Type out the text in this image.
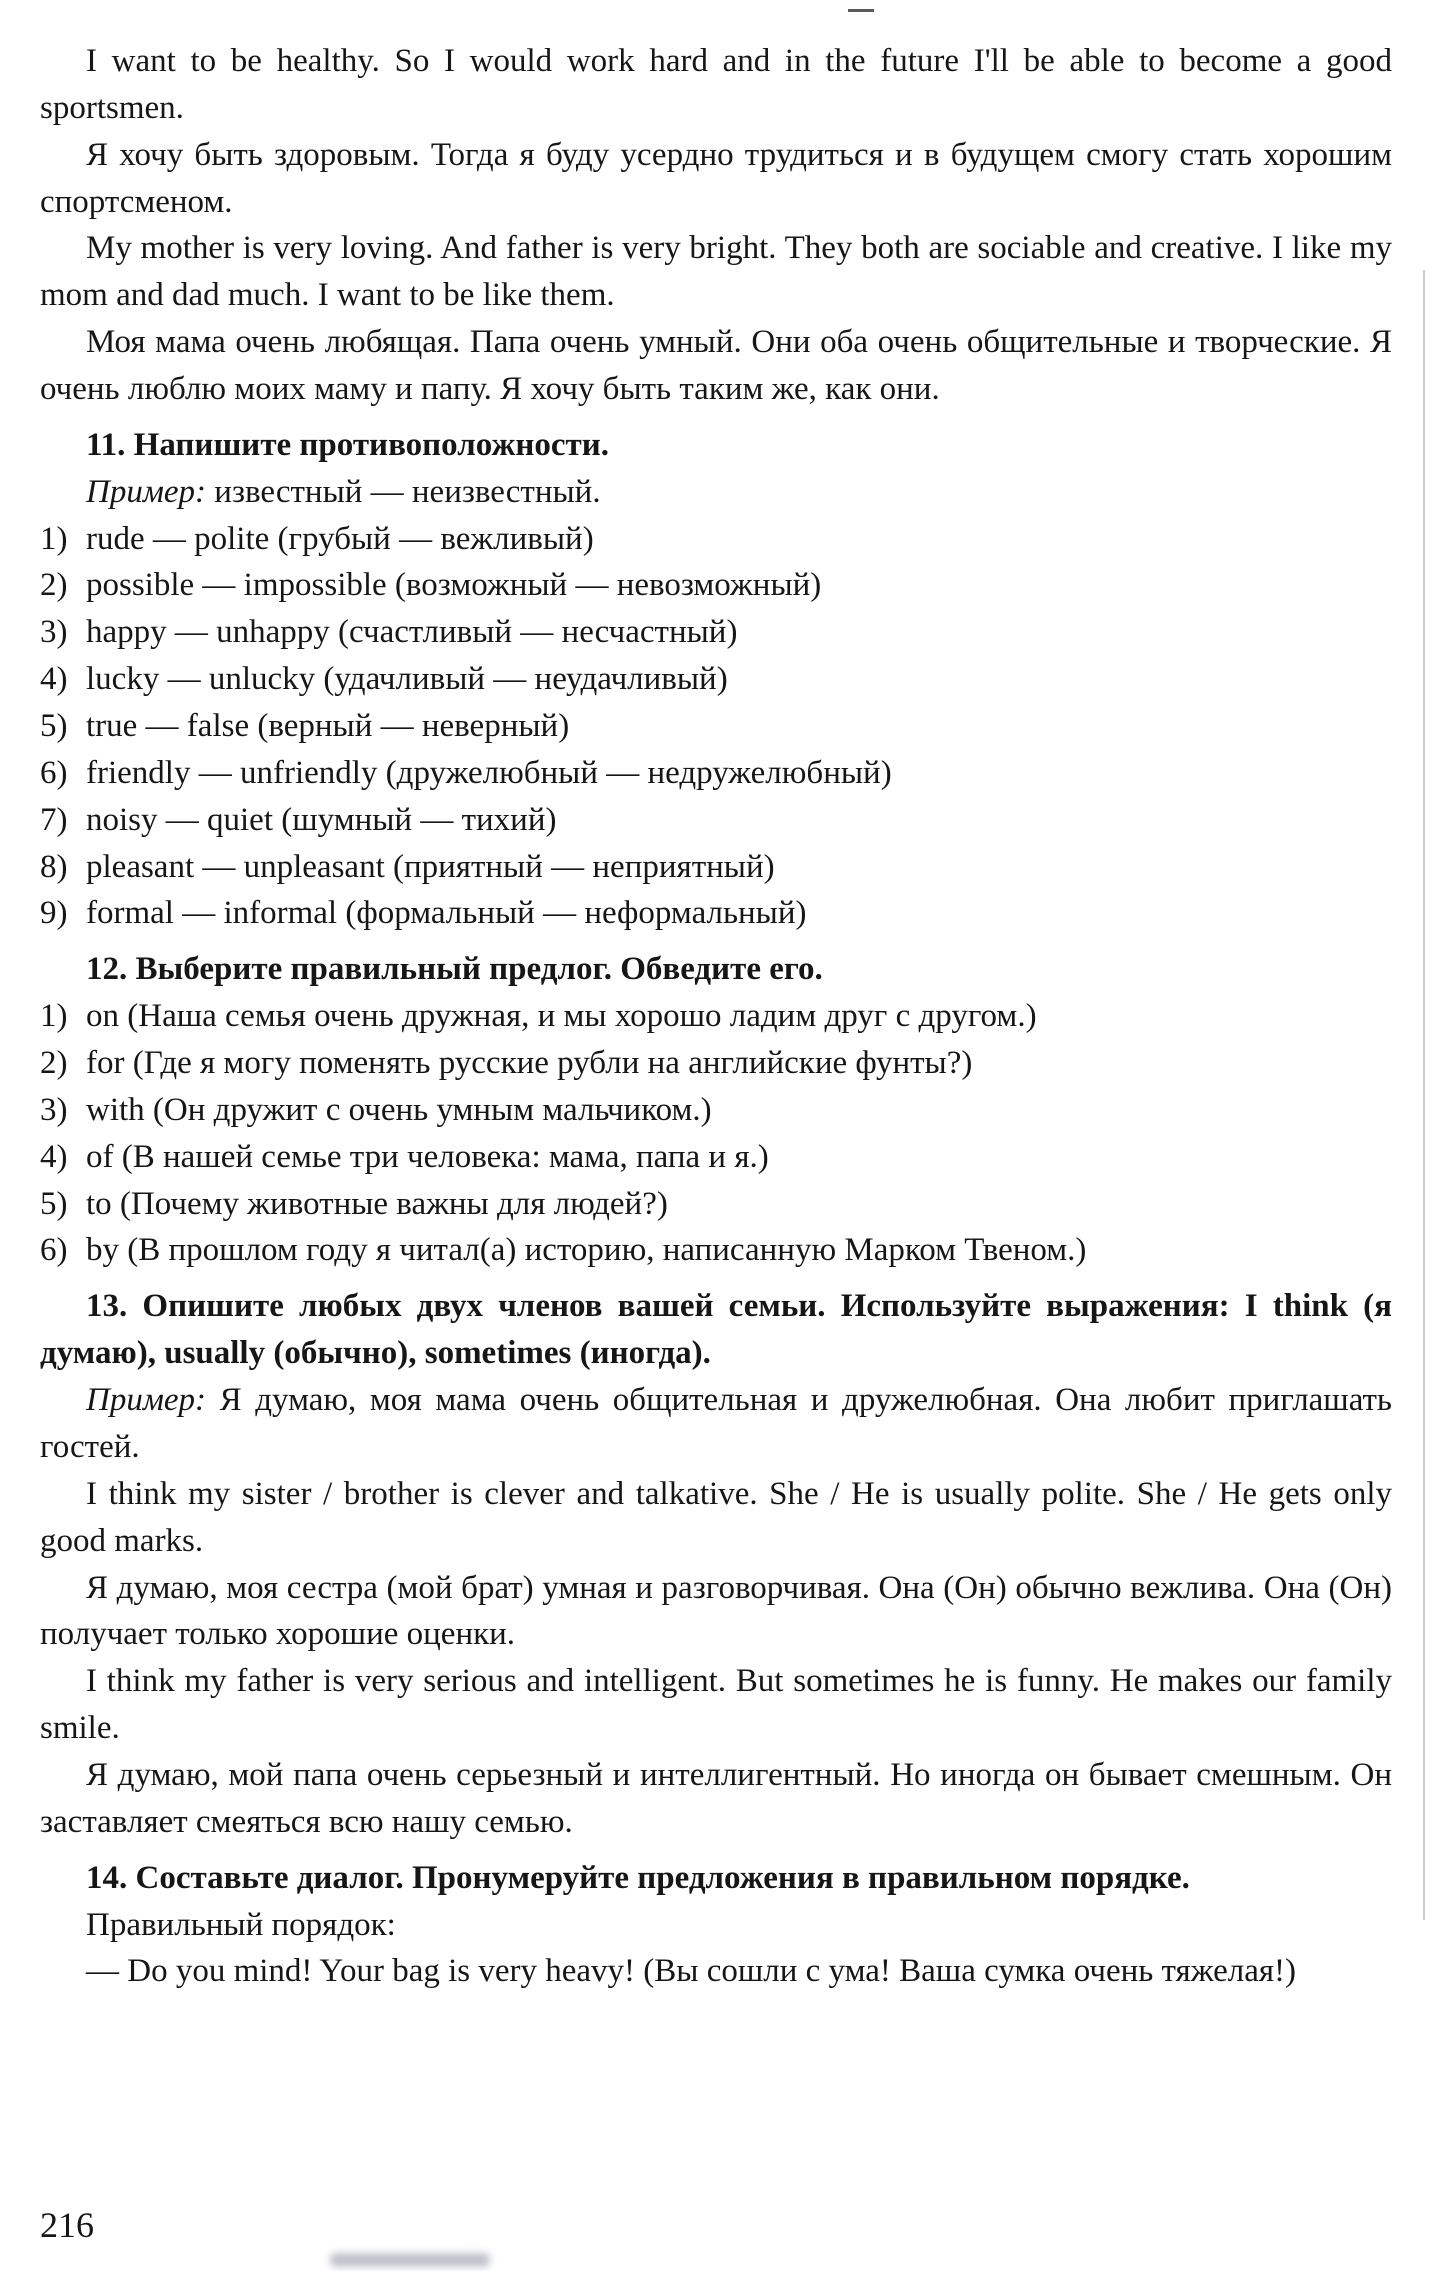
I want to be healthy. So I would work hard and in the future I'll be able to become a good sportsmen.

Я хочу быть здоровым. Тогда я буду усердно трудиться и в будущем смогу стать хорошим спортсменом.

My mother is very loving. And father is very bright. They both are sociable and creative. I like my mom and dad much. I want to be like them.

Моя мама очень любящая. Папа очень умный. Они оба очень общительные и творческие. Я очень люблю моих маму и папу. Я хочу быть таким же, как они.

11. Напишите противоположности.

Пример: известный — неизвестный.

1) rude — polite (грубый — вежливый)
2) possible — impossible (возможный — невозможный)
3) happy — unhappy (счастливый — несчастный)
4) lucky — unlucky (удачливый — неудачливый)
5) true — false (верный — неверный)
6) friendly — unfriendly (дружелюбный — недружелюбный)
7) noisy — quiet (шумный — тихий)
8) pleasant — unpleasant (приятный — неприятный)
9) formal — informal (формальный — неформальный)

12. Выберите правильный предлог. Обведите его.

1) on (Наша семья очень дружная, и мы хорошо ладим друг с другом.)
2) for (Где я могу поменять русские рубли на английские фунты?)
3) with (Он дружит с очень умным мальчиком.)
4) of (В нашей семье три человека: мама, папа и я.)
5) to (Почему животные важны для людей?)
6) by (В прошлом году я читал(а) историю, написанную Марком Твеном.)

13. Опишите любых двух членов вашей семьи. Используйте выражения: I think (я думаю), usually (обычно), sometimes (иногда).

Пример: Я думаю, моя мама очень общительная и дружелюбная. Она любит приглашать гостей.

I think my sister / brother is clever and talkative. She / He is usually polite. She / He gets only good marks.

Я думаю, моя сестра (мой брат) умная и разговорчивая. Она (Он) обычно вежлива. Она (Он) получает только хорошие оценки.

I think my father is very serious and intelligent. But sometimes he is funny. He makes our family smile.

Я думаю, мой папа очень серьезный и интеллигентный. Но иногда он бывает смешным. Он заставляет смеяться всю нашу семью.

14. Составьте диалог. Пронумеруйте предложения в правильном порядке.

Правильный порядок:

— Do you mind! Your bag is very heavy! (Вы сошли с ума! Ваша сумка очень тяжелая!)

216
